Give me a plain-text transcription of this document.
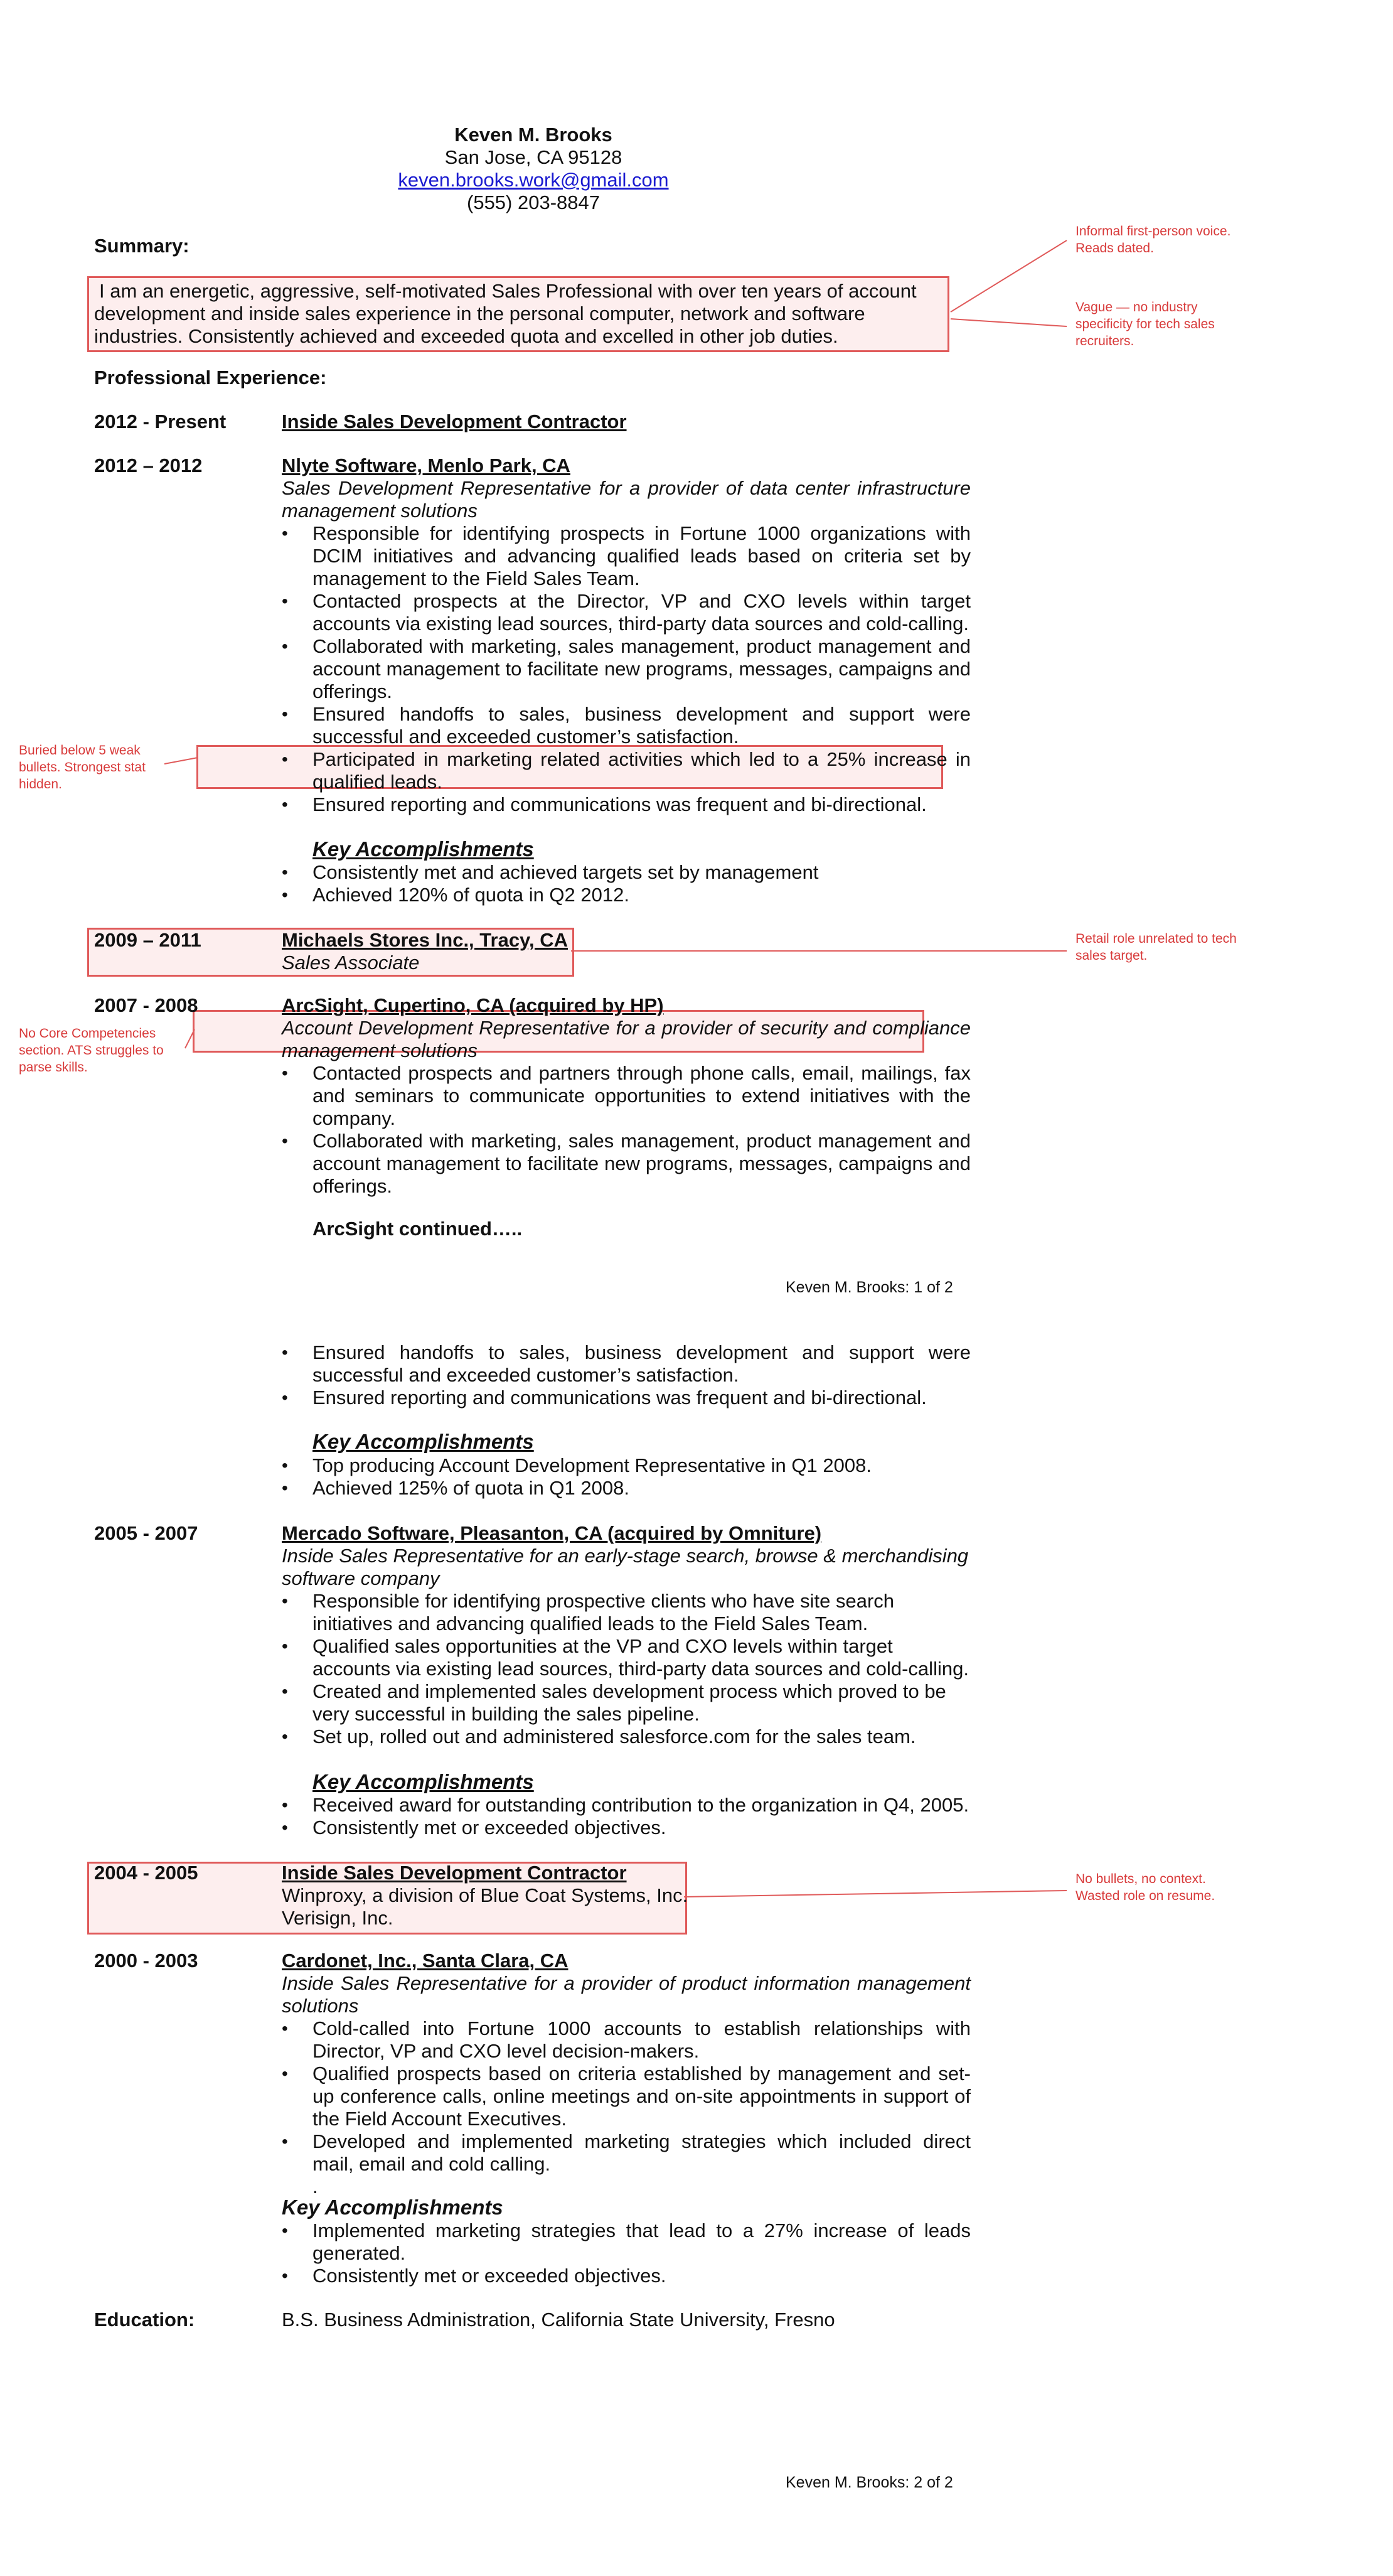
Informal first-person voice. Reads dated.
Vague — no industry specificity for tech sales recruiters.
Buried below 5 weak bullets. Strongest stat hidden.
Retail role unrelated to tech sales target.
No Core Competencies section. ATS struggles to parse skills.
No bullets, no context. Wasted role on resume.
Keven M. Brooks
San Jose, CA 95128
keven.brooks.work@gmail.com
(555) 203-8847
Summary:
I am an energetic, aggressive, self-motivated Sales Professional with over ten years of account development and inside sales experience in the personal computer, network and software industries. Consistently achieved and exceeded quota and excelled in other job duties.
Professional Experience:
2012 - Present	Inside Sales Development Contractor
2012 – 2012	Nlyte Software, Menlo Park, CA
Sales Development Representative for a provider of data center infrastructure management solutions
• Responsible for identifying prospects in Fortune 1000 organizations with DCIM initiatives and advancing qualified leads based on criteria set by management to the Field Sales Team.
• Contacted prospects at the Director, VP and CXO levels within target accounts via existing lead sources, third-party data sources and cold-calling.
• Collaborated with marketing, sales management, product management and account management to facilitate new programs, messages, campaigns and offerings.
• Ensured handoffs to sales, business development and support were successful and exceeded customer’s satisfaction.
• Participated in marketing related activities which led to a 25% increase in qualified leads.
• Ensured reporting and communications was frequent and bi-directional.
Key Accomplishments
• Consistently met and achieved targets set by management
• Achieved 120% of quota in Q2 2012.
2009 – 2011	Michaels Stores Inc., Tracy, CA
Sales Associate
2007 - 2008	ArcSight, Cupertino, CA (acquired by HP)
Account Development Representative for a provider of security and compliance management solutions
• Contacted prospects and partners through phone calls, email, mailings, fax and seminars to communicate opportunities to extend initiatives with the company.
• Collaborated with marketing, sales management, product management and account management to facilitate new programs, messages, campaigns and offerings.
ArcSight continued…..
Keven M. Brooks: 1 of 2
• Ensured handoffs to sales, business development and support were successful and exceeded customer’s satisfaction.
• Ensured reporting and communications was frequent and bi-directional.
Key Accomplishments
• Top producing Account Development Representative in Q1 2008.
• Achieved 125% of quota in Q1 2008.
2005 - 2007	Mercado Software, Pleasanton, CA (acquired by Omniture)
Inside Sales Representative for an early-stage search, browse & merchandising software company
• Responsible for identifying prospective clients who have site search initiatives and advancing qualified leads to the Field Sales Team.
• Qualified sales opportunities at the VP and CXO levels within target accounts via existing lead sources, third-party data sources and cold-calling.
• Created and implemented sales development process which proved to be very successful in building the sales pipeline.
• Set up, rolled out and administered salesforce.com for the sales team.
Key Accomplishments
• Received award for outstanding contribution to the organization in Q4, 2005.
• Consistently met or exceeded objectives.
2004 - 2005	Inside Sales Development Contractor
Winproxy, a division of Blue Coat Systems, Inc.
Verisign, Inc.
2000 - 2003	Cardonet, Inc., Santa Clara, CA
Inside Sales Representative for a provider of product information management solutions
• Cold-called into Fortune 1000 accounts to establish relationships with Director, VP and CXO level decision-makers.
• Qualified prospects based on criteria established by management and set-up conference calls, online meetings and on-site appointments in support of the Field Account Executives.
• Developed and implemented marketing strategies which included direct mail, email and cold calling.
.
Key Accomplishments
• Implemented marketing strategies that lead to a 27% increase of leads generated.
• Consistently met or exceeded objectives.
Education:	B.S. Business Administration, California State University, Fresno
Keven M. Brooks: 2 of 2
